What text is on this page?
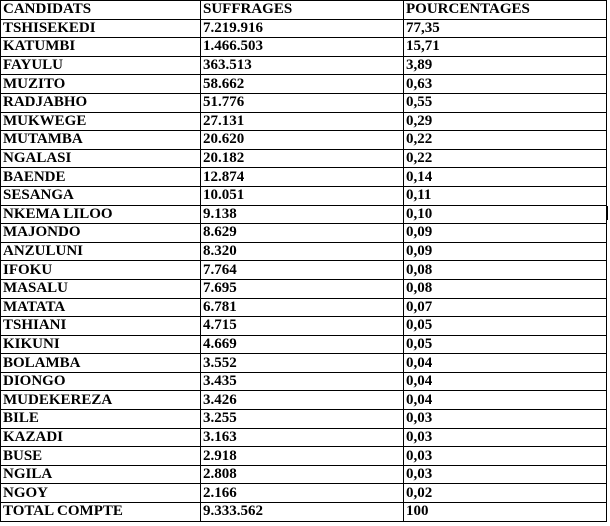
CANDIDATS	SUFFRAGES	POURCENTAGES
TSHISEKEDI	7.219.916	77,35
KATUMBI	1.466.503	15,71
FAYULU	363.513	3,89
MUZITO	58.662	0,63
RADJABHO	51.776	0,55
MUKWEGE	27.131	0,29
MUTAMBA	20.620	0,22
NGALASI	20.182	0,22
BAENDE	12.874	0,14
SESANGA	10.051	0,11
NKEMA LILOO	9.138	0,10
MAJONDO	8.629	0,09
ANZULUNI	8.320	0,09
IFOKU	7.764	0,08
MASALU	7.695	0,08
MATATA	6.781	0,07
TSHIANI	4.715	0,05
KIKUNI	4.669	0,05
BOLAMBA	3.552	0,04
DIONGO	3.435	0,04
MUDEKEREZA	3.426	0,04
BILE	3.255	0,03
KAZADI	3.163	0,03
BUSE	2.918	0,03
NGILA	2.808	0,03
NGOY	2.166	0,02
TOTAL COMPTE	9.333.562	100
